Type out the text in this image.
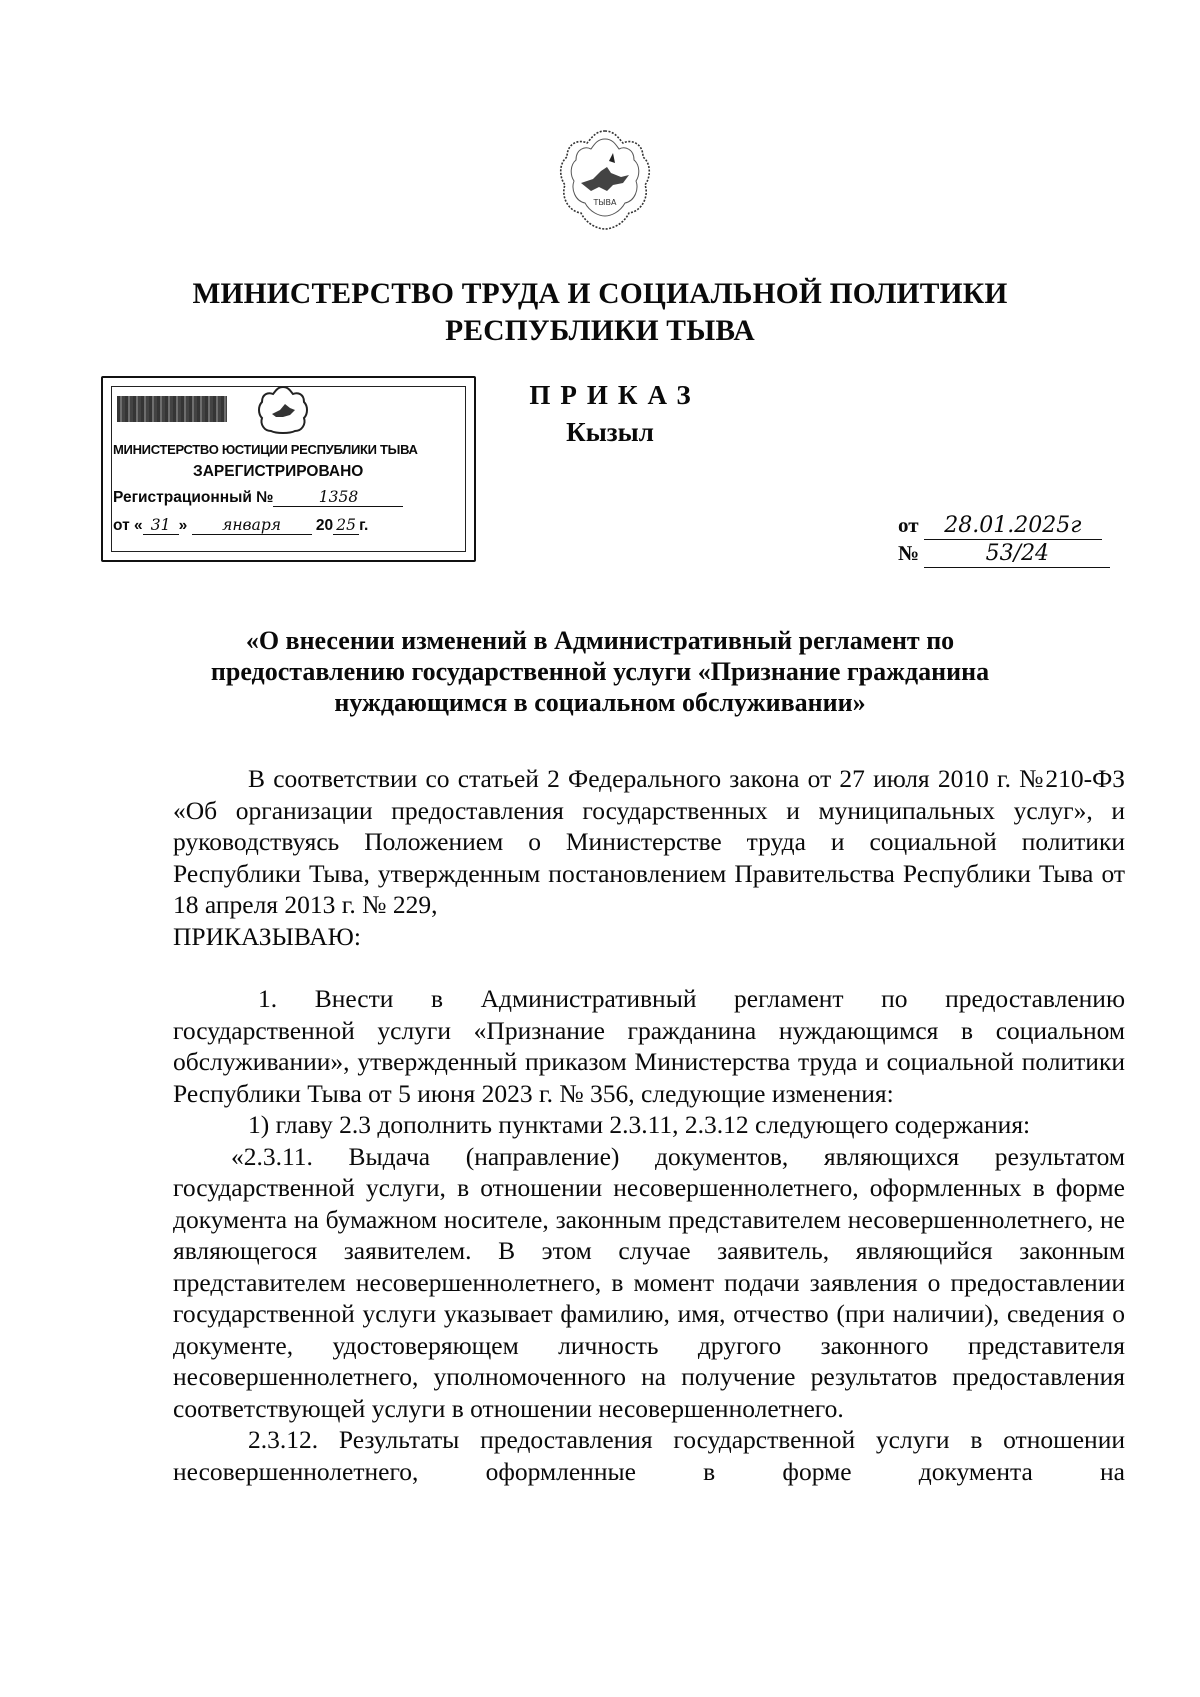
ТЫВА
МИНИСТЕРСТВО ТРУДА И СОЦИАЛЬНОЙ ПОЛИТИКИ
РЕСПУБЛИКИ ТЫВА
ПРИКАЗ
Кызыл
МИНИСТЕРСТВО ЮСТИЦИИ РЕСПУБЛИКИ ТЫВА
ЗАРЕГИСТРИРОВАНО
Регистрационный №	1358
от « 31 » января 20 25 г.	от 28.01.2025г
№	53/24
«О внесении изменений в Административный регламент по
предоставлению государственной услуги «Признание гражданина
нуждающимся в социальном обслуживании»

В соответствии со статьей 2 Федерального закона от 27 июля 2010 г. №210-ФЗ «Об организации предоставления государственных и муниципальных услуг», и руководствуясь Положением о Министерстве труда и социальной политики Республики Тыва, утвержденным постановлением Правительства Республики Тыва от 18 апреля 2013 г. № 229,

ПРИКАЗЫВАЮ:

1. Внести в Административный регламент по предоставлению государственной услуги «Признание гражданина нуждающимся в социальном обслуживании», утвержденный приказом Министерства труда и социальной политики Республики Тыва от 5 июня 2023 г. № 356, следующие изменения:

1) главу 2.3 дополнить пунктами 2.3.11, 2.3.12 следующего содержания:

«2.3.11. Выдача (направление) документов, являющихся результатом государственной услуги, в отношении несовершеннолетнего, оформленных в форме документа на бумажном носителе, законным представителем несовершеннолетнего, не являющегося заявителем. В этом случае заявитель, являющийся законным представителем несовершеннолетнего, в момент подачи заявления о предоставлении государственной услуги указывает фамилию, имя, отчество (при наличии), сведения о документе, удостоверяющем личность другого законного представителя несовершеннолетнего, уполномоченного на получение результатов предоставления соответствующей услуги в отношении несовершеннолетнего.

2.3.12. Результаты предоставления государственной услуги в отношении несовершеннолетнего, оформленные в форме документа на
